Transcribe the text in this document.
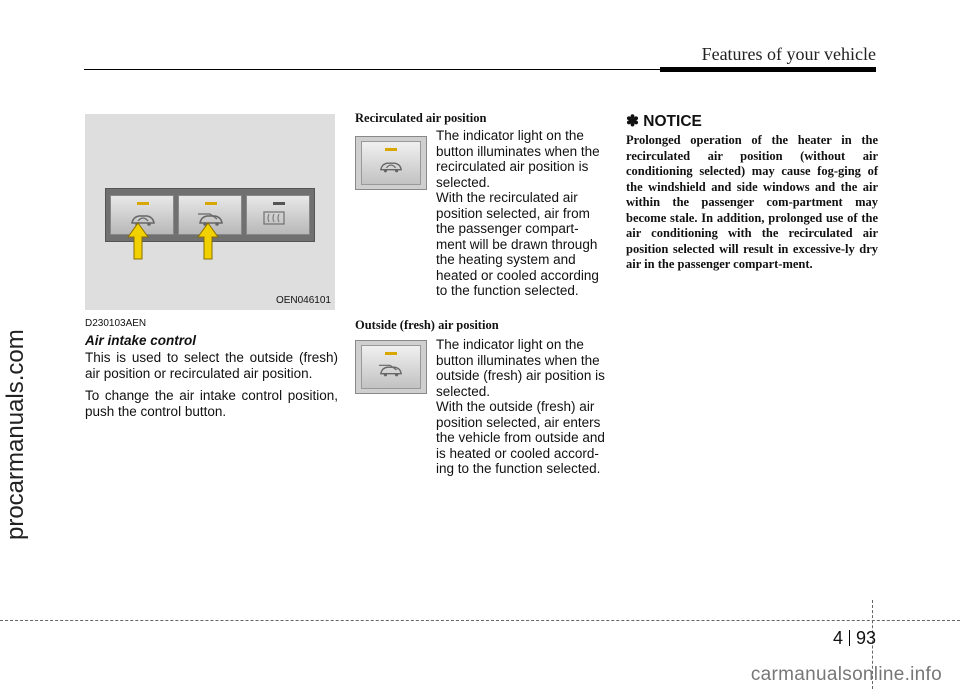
Features of your vehicle
procarmanuals.com
OEN046101
D230103AEN
Air intake control
This is used to select the outside (fresh) air position or recirculated air position.
To change the air intake control position, push the control button.
Recirculated air position
The indicator light on the button illuminates when the recirculated air position is selected.
With the recirculated air position selected, air from the passenger compart-ment will be drawn through the heating system and heated or cooled according to the function selected.
Outside (fresh) air position
The indicator light on the button illuminates when the outside (fresh) air position is selected.
With the outside (fresh) air position selected, air enters the vehicle from outside and is heated or cooled accord-ing to the function selected.
✽ NOTICE
Prolonged operation of the heater in the recirculated air position (without air conditioning selected) may cause fog-ging of the windshield and side windows and the air within the passenger com-partment may become stale. In addition, prolonged use of the air conditioning with the recirculated air position selected will result in excessive-ly dry air in the passenger compart-ment.
4 93
carmanualsonline.info
